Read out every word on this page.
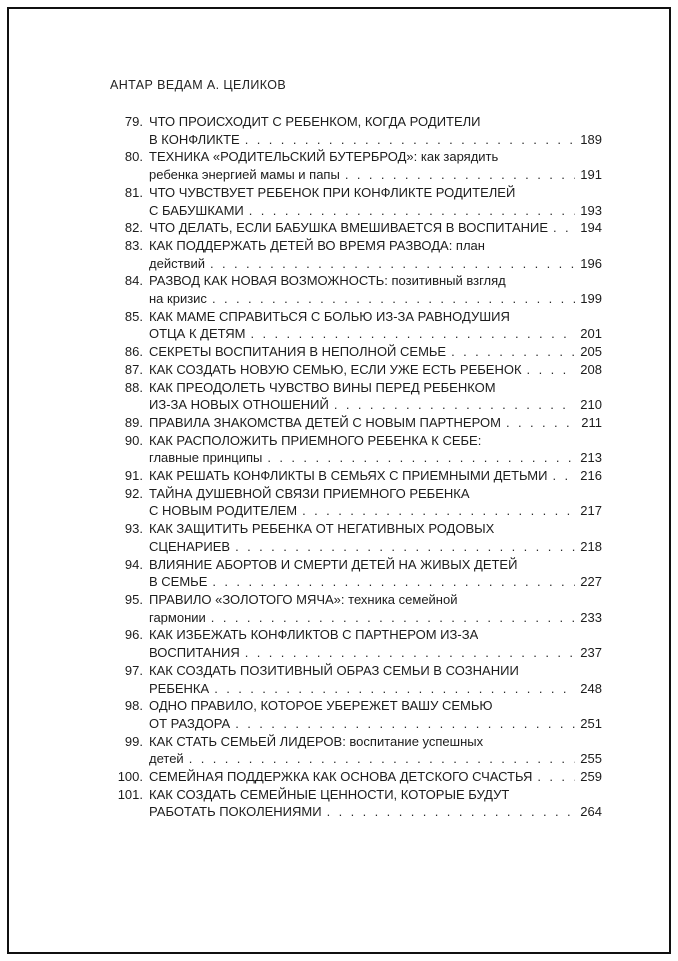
АНТАР ВЕДАМ А. ЦЕЛИКОВ
79. ЧТО ПРОИСХОДИТ С РЕБЕНКОМ, КОГДА РОДИТЕЛИ
В КОНФЛИКТЕ . . .	189
80. ТЕХНИКА «РОДИТЕЛЬСКИЙ БУТЕРБРОД»: как зарядить
ребенка энергией мамы и папы . . .	191
81. ЧТО ЧУВСТВУЕТ РЕБЕНОК ПРИ КОНФЛИКТЕ РОДИТЕЛЕЙ
С БАБУШКАМИ . . .	193
82. ЧТО ДЕЛАТЬ, ЕСЛИ БАБУШКА ВМЕШИВАЕТСЯ В ВОСПИТАНИЕ . . . 194
83. КАК ПОДДЕРЖАТЬ ДЕТЕЙ ВО ВРЕМЯ РАЗВОДА: план
действий . . .	196
84. РАЗВОД КАК НОВАЯ ВОЗМОЖНОСТЬ: позитивный взгляд
на кризис . . .	199
85. КАК МАМЕ СПРАВИТЬСЯ С БОЛЬЮ ИЗ-ЗА РАВНОДУШИЯ
ОТЦА К ДЕТЯМ . . .	201
86. СЕКРЕТЫ ВОСПИТАНИЯ В НЕПОЛНОЙ СЕМЬЕ . . .	205
87. КАК СОЗДАТЬ НОВУЮ СЕМЬЮ, ЕСЛИ УЖЕ ЕСТЬ РЕБЕНОК . . .	208
88. КАК ПРЕОДОЛЕТЬ ЧУВСТВО ВИНЫ ПЕРЕД РЕБЕНКОМ
ИЗ-ЗА НОВЫХ ОТНОШЕНИЙ . . .	210
89. ПРАВИЛА ЗНАКОМСТВА ДЕТЕЙ С НОВЫМ ПАРТНЕРОМ . . .	211
90. КАК РАСПОЛОЖИТЬ ПРИЕМНОГО РЕБЕНКА К СЕБЕ:
главные принципы . . .	213
91. КАК РЕШАТЬ КОНФЛИКТЫ В СЕМЬЯХ С ПРИЕМНЫМИ ДЕТЬМИ . . .	216
92. ТАЙНА ДУШЕВНОЙ СВЯЗИ ПРИЕМНОГО РЕБЕНКА
С НОВЫМ РОДИТЕЛЕМ . . .	217
93. КАК ЗАЩИТИТЬ РЕБЕНКА ОТ НЕГАТИВНЫХ РОДОВЫХ
СЦЕНАРИЕВ . . .	218
94. ВЛИЯНИЕ АБОРТОВ И СМЕРТИ ДЕТЕЙ НА ЖИВЫХ ДЕТЕЙ
В СЕМЬЕ . . .	227
95. ПРАВИЛО «ЗОЛОТОГО МЯЧА»: техника семейной
гармонии . . .	233
96. КАК ИЗБЕЖАТЬ КОНФЛИКТОВ С ПАРТНЕРОМ ИЗ-ЗА
ВОСПИТАНИЯ . . .	237
97. КАК СОЗДАТЬ ПОЗИТИВНЫЙ ОБРАЗ СЕМЬИ В СОЗНАНИИ
РЕБЕНКА . . .	248
98. ОДНО ПРАВИЛО, КОТОРОЕ УБЕРЕЖЕТ ВАШУ СЕМЬЮ
ОТ РАЗДОРА . . .	251
99. КАК СТАТЬ СЕМЬЕЙ ЛИДЕРОВ: воспитание успешных
детей . . .	255
100. СЕМЕЙНАЯ ПОДДЕРЖКА КАК ОСНОВА ДЕТСКОГО СЧАСТЬЯ . . .	259
101. КАК СОЗДАТЬ СЕМЕЙНЫЕ ЦЕННОСТИ, КОТОРЫЕ БУДУТ
РАБОТАТЬ ПОКОЛЕНИЯМИ . . .	264
